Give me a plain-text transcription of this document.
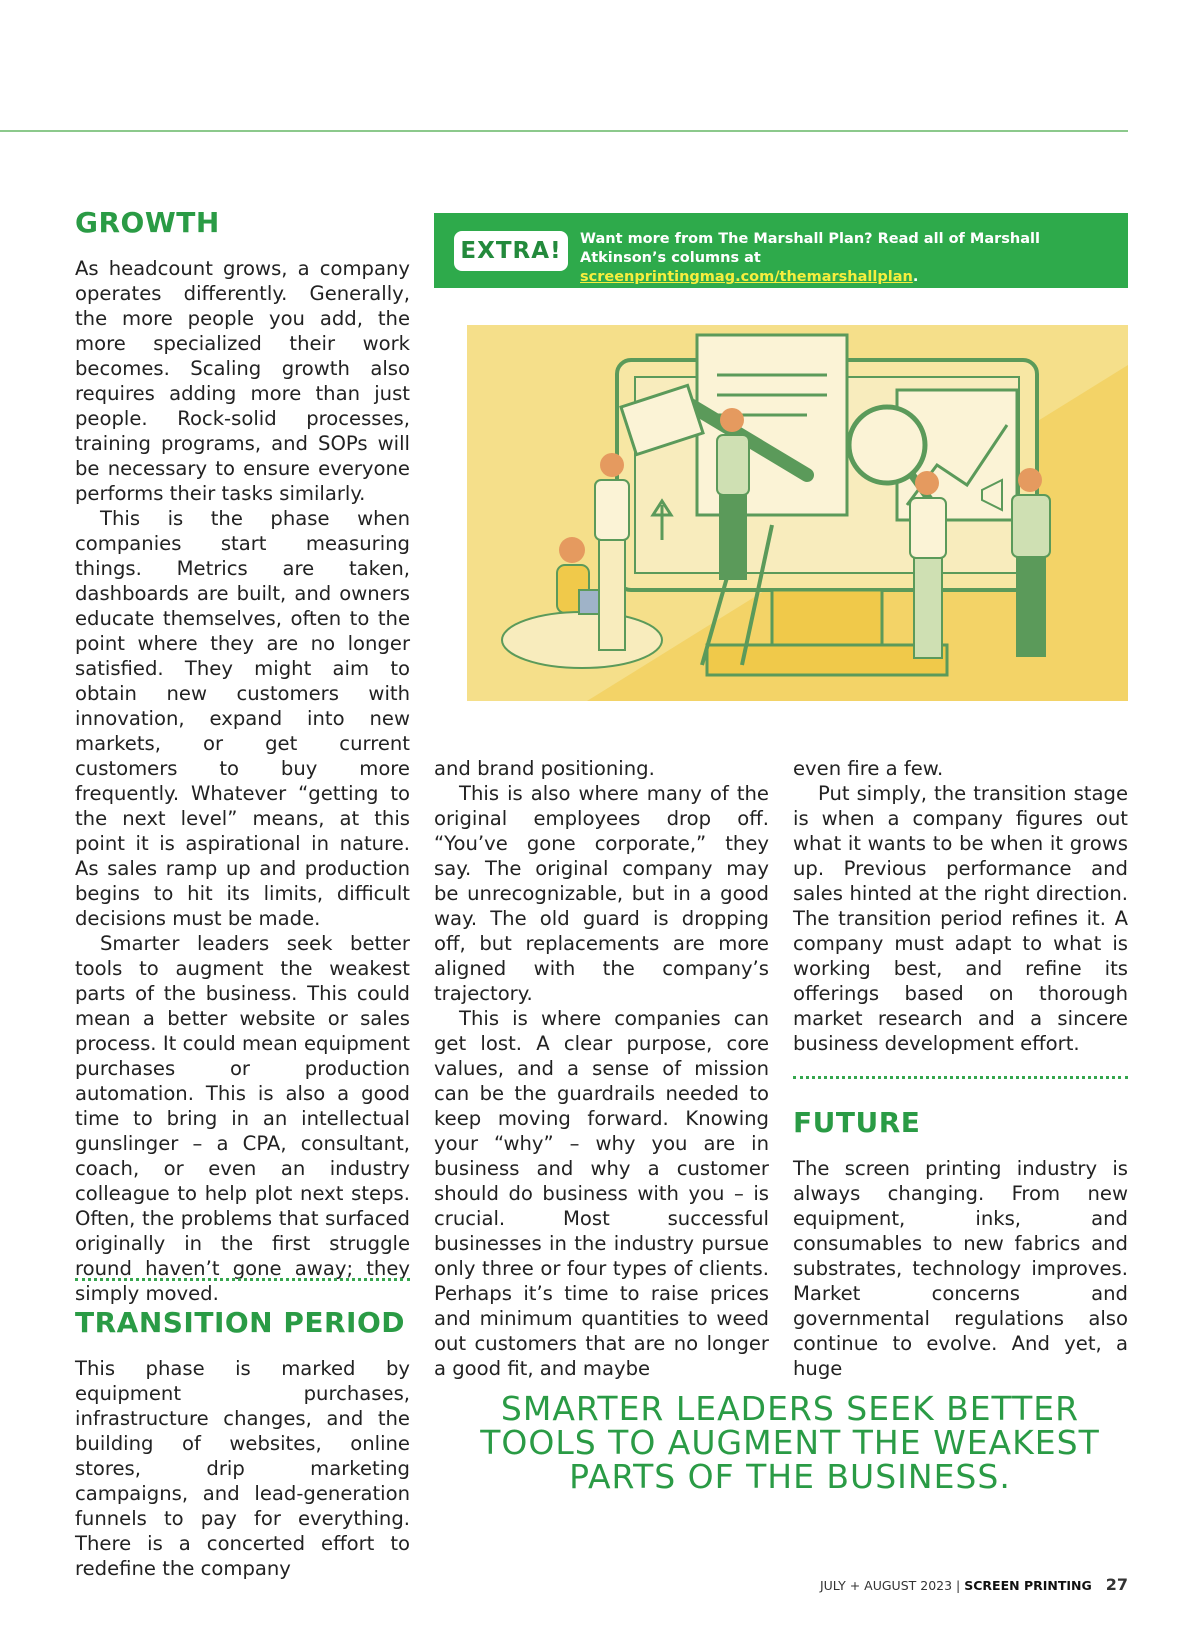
GROWTH

As headcount grows, a company operates differently. Generally, the more people you add, the more specialized their work becomes. Scaling growth also requires adding more than just people. Rock-solid processes, training programs, and SOPs will be necessary to ensure everyone performs their tasks similarly.

This is the phase when companies start measuring things. Metrics are taken, dashboards are built, and owners educate themselves, often to the point where they are no longer satisfied. They might aim to obtain new customers with innovation, expand into new markets, or get current customers to buy more frequently. Whatever “getting to the next level” means, at this point it is aspirational in nature. As sales ramp up and production begins to hit its limits, difficult decisions must be made.

Smarter leaders seek better tools to augment the weakest parts of the business. This could mean a better website or sales process. It could mean equipment purchases or production automation. This is also a good time to bring in an intellectual gunslinger – a CPA, consultant, coach, or even an industry colleague to help plot next steps. Often, the problems that surfaced originally in the first struggle round haven’t gone away; they simply moved.

TRANSITION PERIOD

This phase is marked by equipment purchases, infrastructure changes, and the building of websites, online stores, drip marketing campaigns, and lead-generation funnels to pay for everything. There is a concerted effort to redefine the company

EXTRA!	Want more from The Marshall Plan? Read all of Marshall Atkinson’s columns at screenprintingmag.com/themarshallplan.

and brand positioning.

This is also where many of the original employees drop off. “You’ve gone corporate,” they say. The original company may be unrecognizable, but in a good way. The old guard is dropping off, but replacements are more aligned with the company’s trajectory.

This is where companies can get lost. A clear purpose, core values, and a sense of mission can be the guardrails needed to keep moving forward. Knowing your “why” – why you are in business and why a customer should do business with you – is crucial. Most successful businesses in the industry pursue only three or four types of clients. Perhaps it’s time to raise prices and minimum quantities to weed out customers that are no longer a good fit, and maybe

even fire a few.

Put simply, the transition stage is when a company figures out what it wants to be when it grows up. Previous performance and sales hinted at the right direction. The transition period refines it. A company must adapt to what is working best, and refine its offerings based on thorough market research and a sincere business development effort.

FUTURE

The screen printing industry is always changing. From new equipment, inks, and consumables to new fabrics and substrates, technology improves. Market concerns and governmental regulations also continue to evolve. And yet, a huge

SMARTER LEADERS SEEK BETTER TOOLS TO AUGMENT THE WEAKEST PARTS OF THE BUSINESS.
JULY + AUGUST 2023 | SCREEN PRINTING 27
